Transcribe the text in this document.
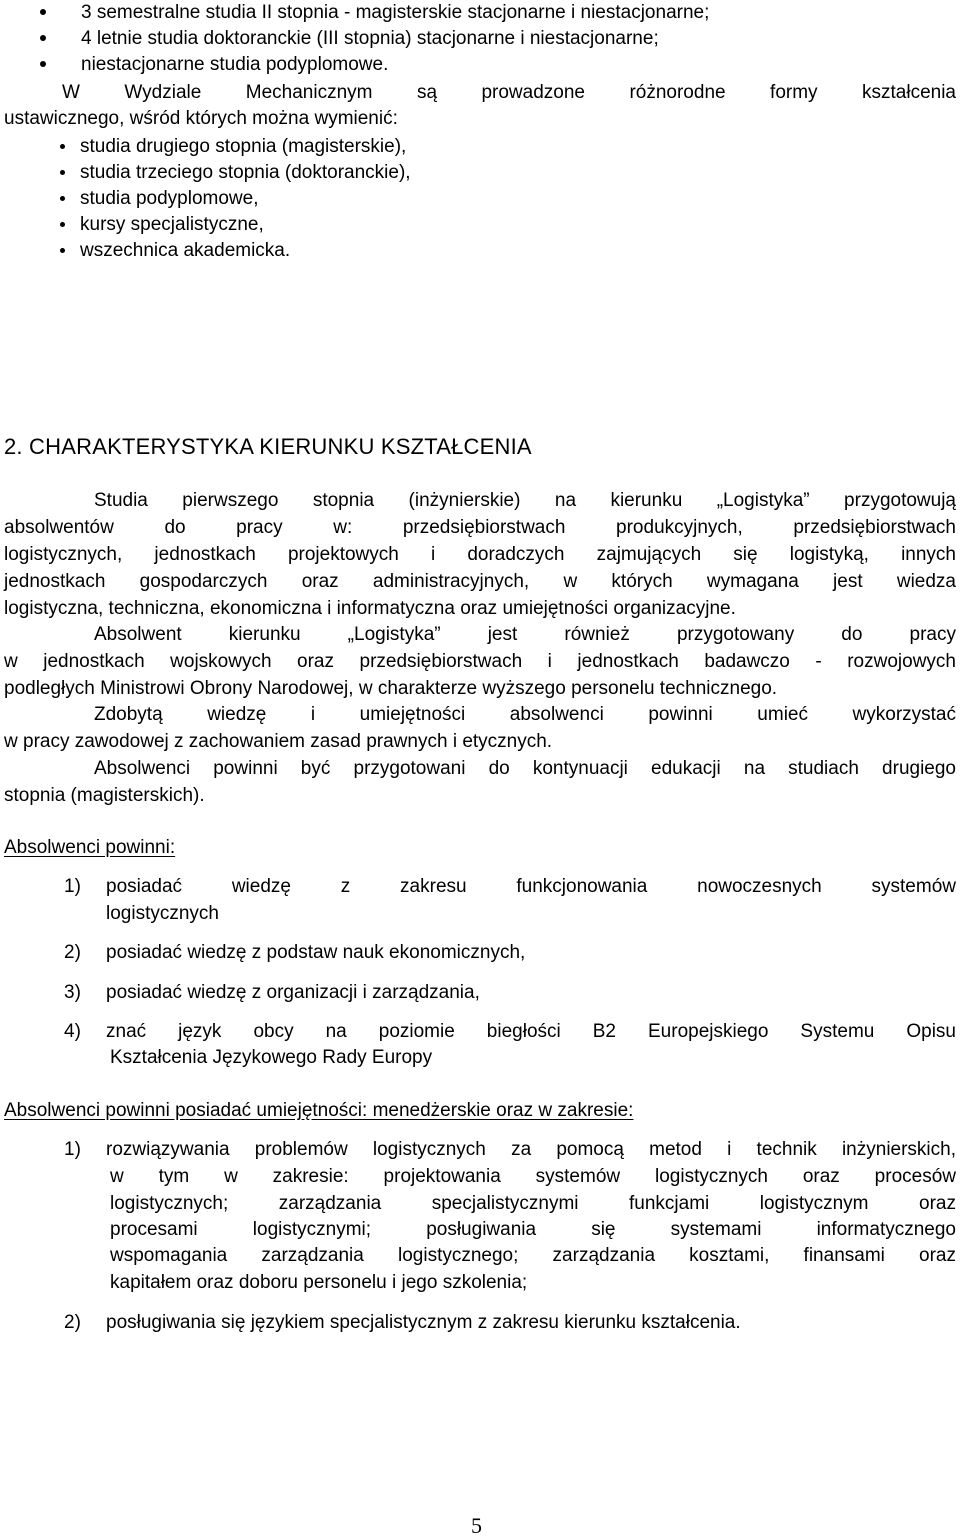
3 semestralne studia II stopnia - magisterskie stacjonarne i niestacjonarne;
4 letnie studia doktoranckie (III stopnia) stacjonarne i niestacjonarne;
niestacjonarne studia podyplomowe.
W Wydziale Mechanicznym są prowadzone różnorodne formy kształcenia
ustawicznego, wśród których można wymienić:
studia drugiego stopnia (magisterskie),
studia trzeciego stopnia (doktoranckie),
studia podyplomowe,
kursy specjalistyczne,
wszechnica akademicka.
2. CHARAKTERYSTYKA KIERUNKU KSZTAŁCENIA
Studia pierwszego stopnia (inżynierskie) na kierunku „Logistyka” przygotowują
absolwentów do pracy w: przedsiębiorstwach produkcyjnych, przedsiębiorstwach
logistycznych, jednostkach projektowych i doradczych zajmujących się logistyką, innych
jednostkach gospodarczych oraz administracyjnych, w których wymagana jest wiedza
logistyczna, techniczna, ekonomiczna i informatyczna oraz umiejętności organizacyjne.
Absolwent kierunku „Logistyka” jest również przygotowany do pracy
w jednostkach wojskowych oraz przedsiębiorstwach i jednostkach badawczo - rozwojowych
podległych Ministrowi Obrony Narodowej, w charakterze wyższego personelu technicznego.
Zdobytą wiedzę i umiejętności absolwenci powinni umieć wykorzystać
w pracy zawodowej z zachowaniem zasad prawnych i etycznych.
Absolwenci powinni być przygotowani do kontynuacji edukacji na studiach drugiego
stopnia (magisterskich).
Absolwenci powinni:
1) posiadać wiedzę z zakresu funkcjonowania nowoczesnych systemów
logistycznych
2) posiadać wiedzę z podstaw nauk ekonomicznych,
3) posiadać wiedzę z organizacji i zarządzania,
4) znać język obcy na poziomie biegłości B2 Europejskiego Systemu Opisu
Kształcenia Językowego Rady Europy
Absolwenci powinni posiadać umiejętności: menedżerskie oraz w zakresie:
1) rozwiązywania problemów logistycznych za pomocą metod i technik inżynierskich,
w tym w zakresie: projektowania systemów logistycznych oraz procesów
logistycznych; zarządzania specjalistycznymi funkcjami logistycznym oraz
procesami logistycznymi; posługiwania się systemami informatycznego
wspomagania zarządzania logistycznego; zarządzania kosztami, finansami oraz
kapitałem oraz doboru personelu i jego szkolenia;
2) posługiwania się językiem specjalistycznym z zakresu kierunku kształcenia.
5
